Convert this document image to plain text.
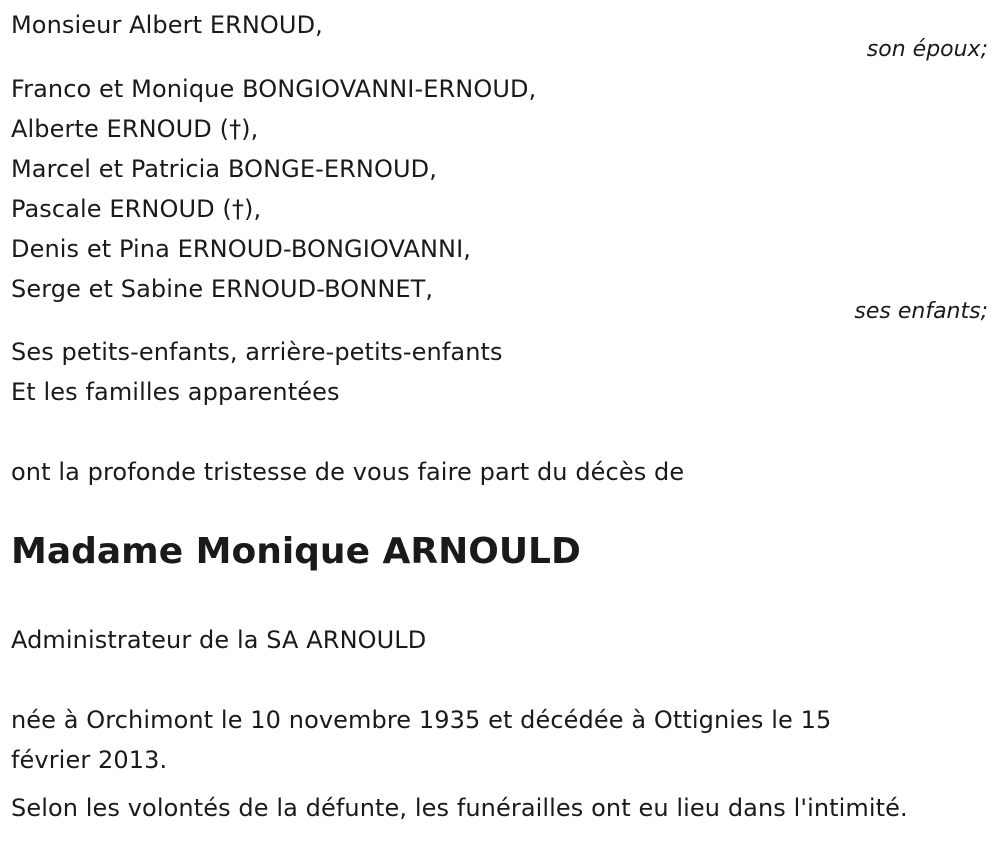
Monsieur Albert ERNOUD,
son époux;
Franco et Monique BONGIOVANNI-ERNOUD,
Alberte ERNOUD (†),
Marcel et Patricia BONGE-ERNOUD,
Pascale ERNOUD (†),
Denis et Pina ERNOUD-BONGIOVANNI,
Serge et Sabine ERNOUD-BONNET,
ses enfants;
Ses petits-enfants, arrière-petits-enfants
Et les familles apparentées
ont la profonde tristesse de vous faire part du décès de
Madame Monique ARNOULD
Administrateur de la SA ARNOULD
née à Orchimont le 10 novembre 1935 et décédée à Ottignies le 15
février 2013.
Selon les volontés de la défunte, les funérailles ont eu lieu dans l'intimité.
